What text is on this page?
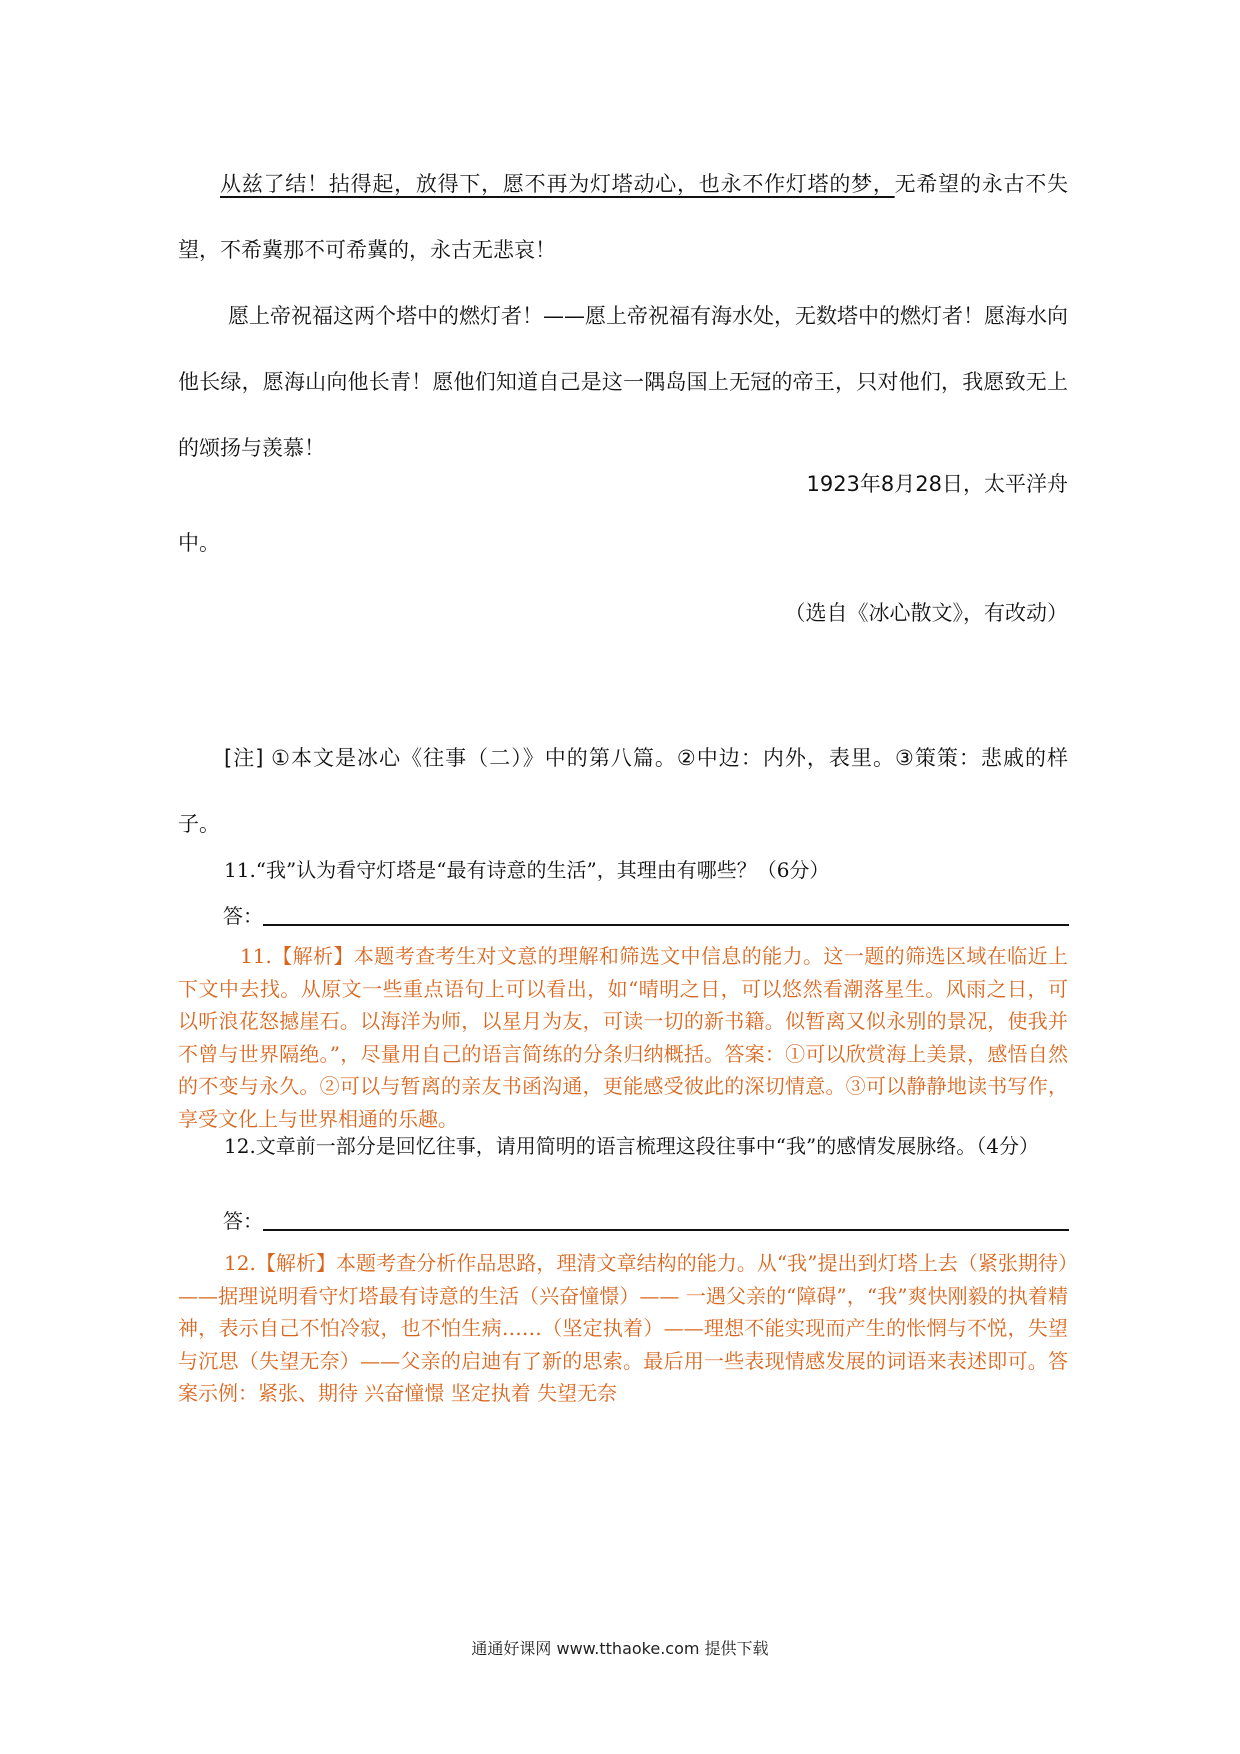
从兹了结！拈得起，放得下，愿不再为灯塔动心，也永不作灯塔的梦，无希望的永古不失望，不希冀那不可希冀的，永古无悲哀！

愿上帝祝福这两个塔中的燃灯者！——愿上帝祝福有海水处，无数塔中的燃灯者！愿海水向他长绿，愿海山向他长青！愿他们知道自己是这一隅岛国上无冠的帝王，只对他们，我愿致无上的颂扬与羡慕！

1923年8月28日，太平洋舟

中。

（选自《冰心散文》，有改动）

[注] ①本文是冰心《往事（二）》中的第八篇。②中边：内外，表里。③策策：悲戚的样子。

11.“我”认为看守灯塔是“最有诗意的生活”，其理由有哪些？（6分）

答：

11.【解析】本题考查考生对文意的理解和筛选文中信息的能力。这一题的筛选区域在临近上下文中去找。从原文一些重点语句上可以看出，如“晴明之日，可以悠然看潮落星生。风雨之日，可以听浪花怒撼崖石。以海洋为师，以星月为友，可读一切的新书籍。似暂离又似永别的景况，使我并不曾与世界隔绝。”，尽量用自己的语言简练的分条归纳概括。答案：①可以欣赏海上美景，感悟自然的不变与永久。②可以与暂离的亲友书函沟通，更能感受彼此的深切情意。③可以静静地读书写作，享受文化上与世界相通的乐趣。

12.文章前一部分是回忆往事，请用简明的语言梳理这段往事中“我”的感情发展脉络。（4分）

答：

12.【解析】本题考查分析作品思路，理清文章结构的能力。从“我”提出到灯塔上去（紧张期待）——据理说明看守灯塔最有诗意的生活（兴奋憧憬）—— 一遇父亲的“障碍”，“我”爽快刚毅的执着精神，表示自己不怕冷寂，也不怕生病……（坚定执着）——理想不能实现而产生的怅惘与不悦，失望与沉思（失望无奈）——父亲的启迪有了新的思索。最后用一些表现情感发展的词语来表述即可。答案示例：紧张、期待 兴奋憧憬 坚定执着 失望无奈

通通好课网 www.tthaoke.com 提供下载
